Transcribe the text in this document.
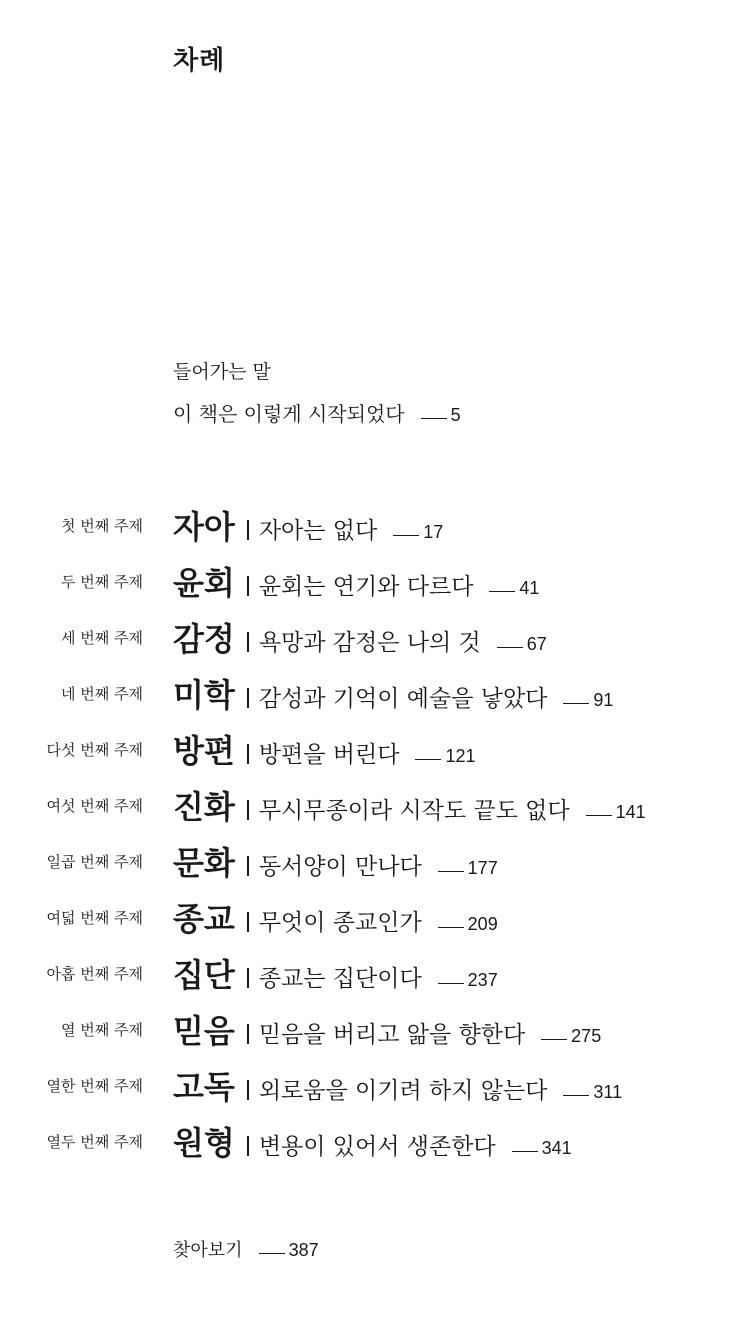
차례
들어가는 말
이 책은 이렇게 시작되었다	5
첫 번째 주제 자아 자아는 없다	17
두 번째 주제 윤회 윤회는 연기와 다르다	41
세 번째 주제 감정 욕망과 감정은 나의 것	67
네 번째 주제 미학 감성과 기억이 예술을 낳았다	91
다섯 번째 주제 방편 방편을 버린다	121
여섯 번째 주제 진화 무시무종이라 시작도 끝도 없다	141
일곱 번째 주제 문화 동서양이 만나다	177
여덟 번째 주제 종교 무엇이 종교인가	209
아홉 번째 주제 집단 종교는 집단이다	237
열 번째 주제 믿음 믿음을 버리고 앎을 향한다	275
열한 번째 주제 고독 외로움을 이기려 하지 않는다	311
열두 번째 주제 원형 변용이 있어서 생존한다	341
찾아보기	387
